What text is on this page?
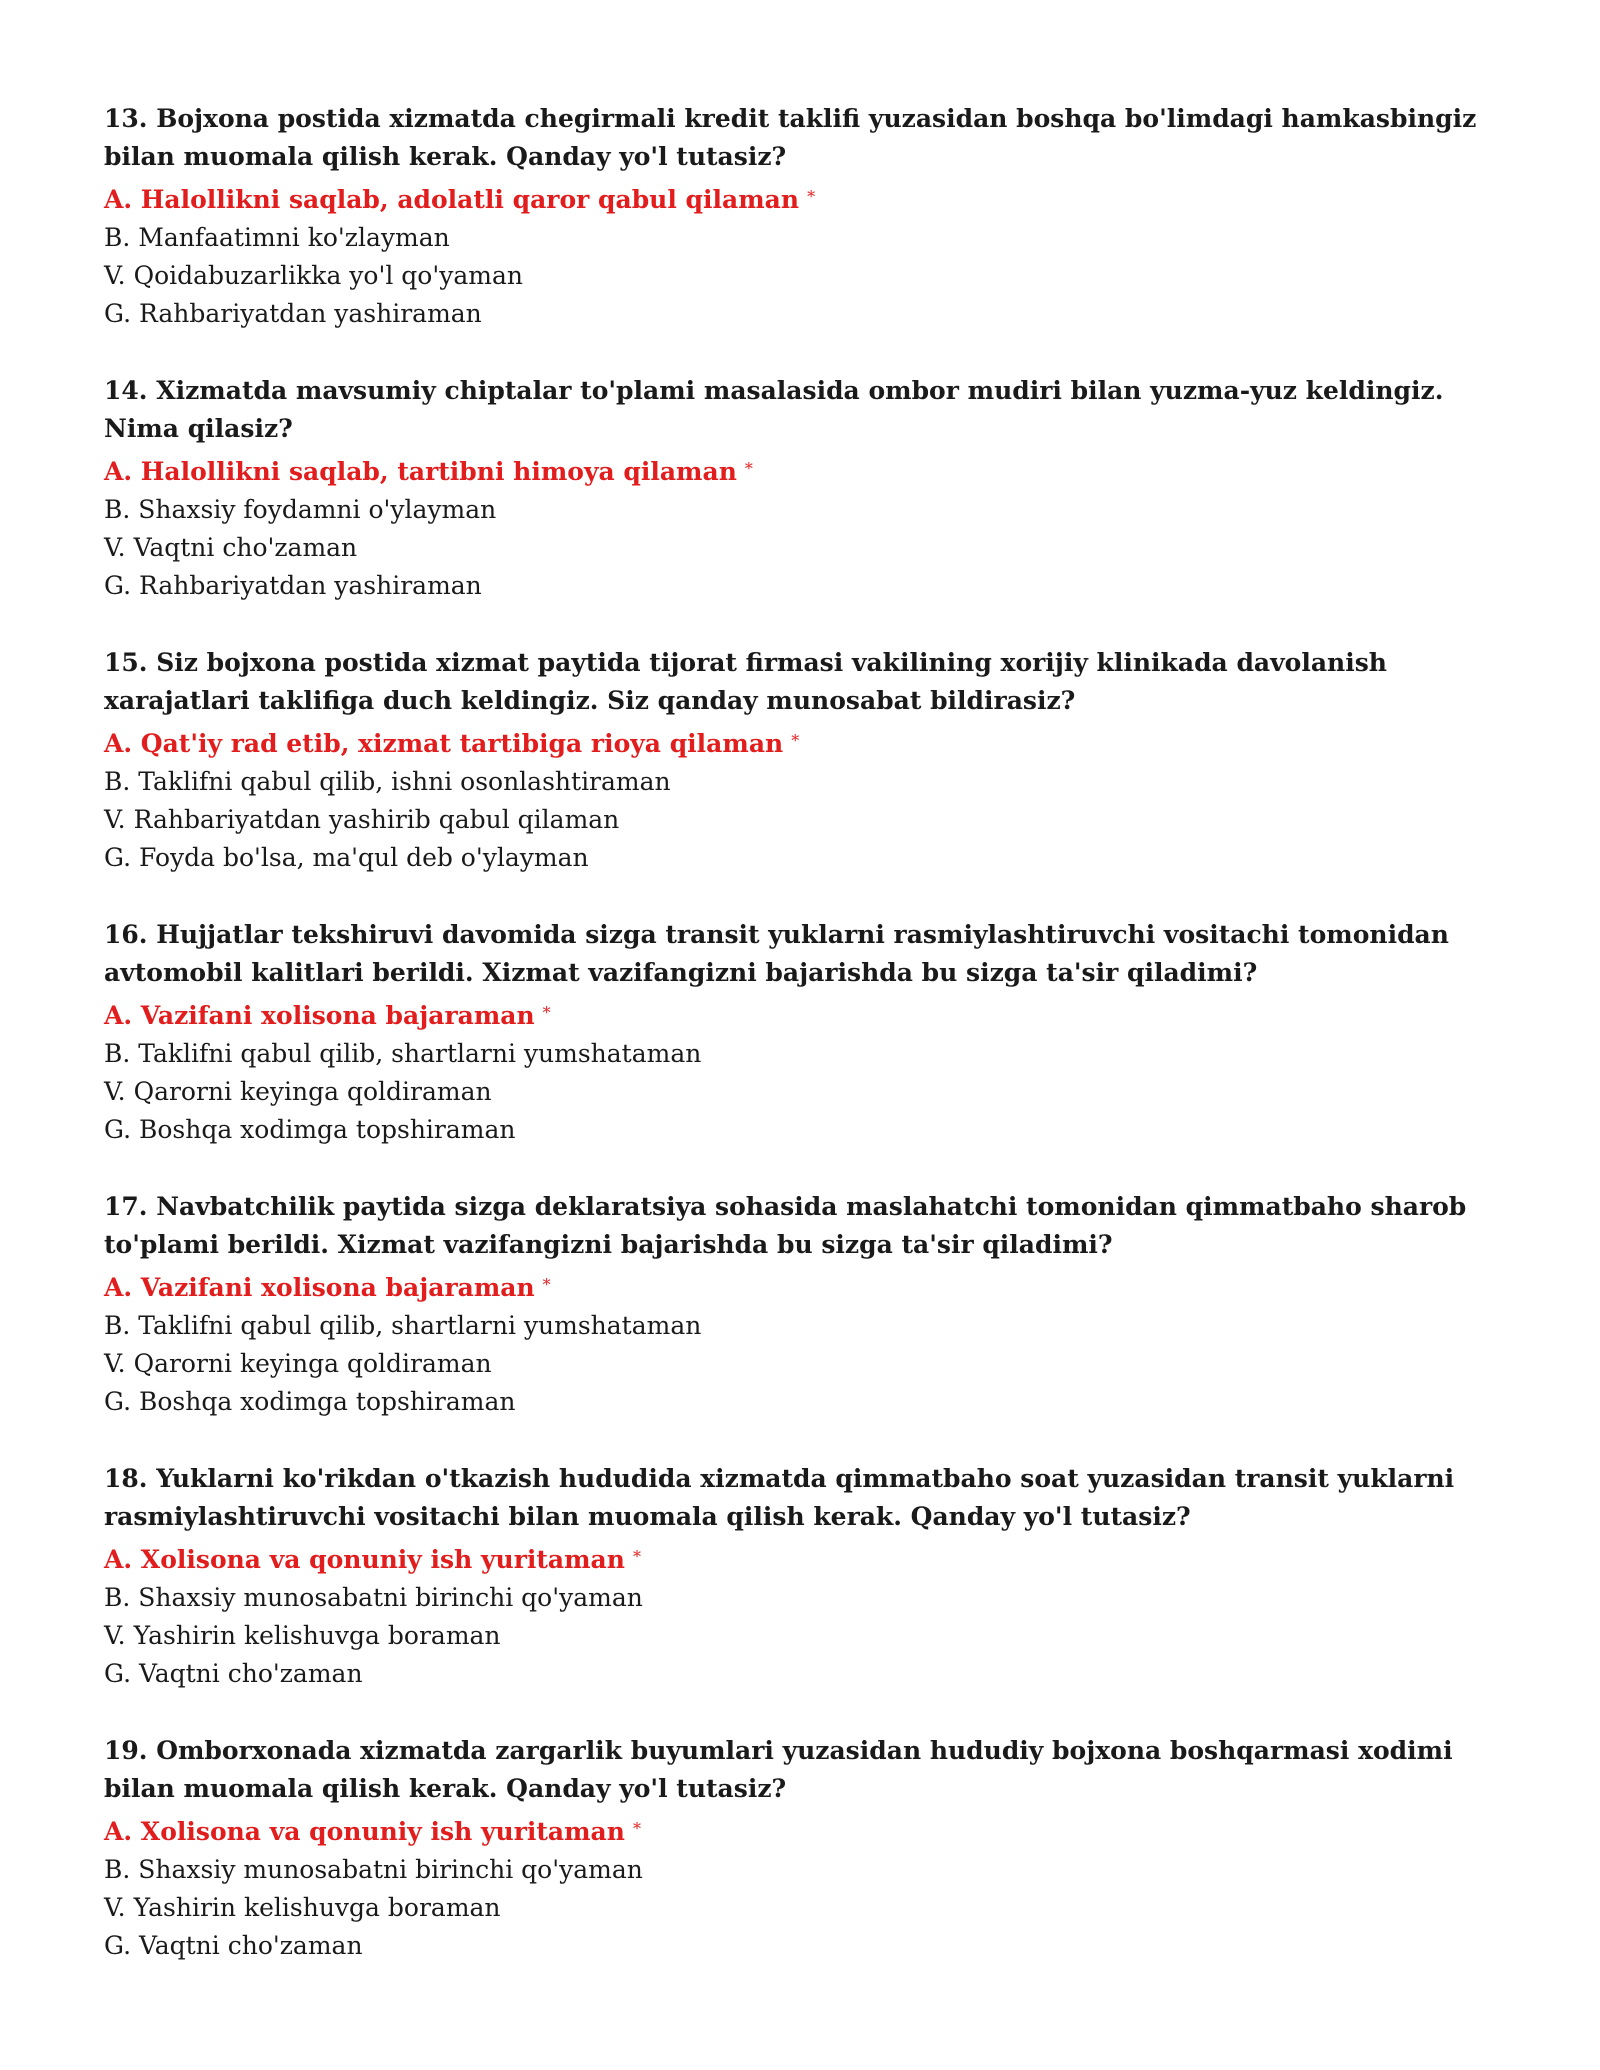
13. Bojxona postida xizmatda chegirmali kredit taklifi yuzasidan boshqa bo'limdagi hamkasbingiz bilan muomala qilish kerak. Qanday yo'l tutasiz?

A. Halollikni saqlab, adolatli qaror qabul qilaman *

B. Manfaatimni ko'zlayman

V. Qoidabuzarlikka yo'l qo'yaman

G. Rahbariyatdan yashiraman

14. Xizmatda mavsumiy chiptalar to'plami masalasida ombor mudiri bilan yuzma-yuz keldingiz. Nima qilasiz?

A. Halollikni saqlab, tartibni himoya qilaman *

B. Shaxsiy foydamni o'ylayman

V. Vaqtni cho'zaman

G. Rahbariyatdan yashiraman

15. Siz bojxona postida xizmat paytida tijorat firmasi vakilining xorijiy klinikada davolanish xarajatlari taklifiga duch keldingiz. Siz qanday munosabat bildirasiz?

A. Qat'iy rad etib, xizmat tartibiga rioya qilaman *

B. Taklifni qabul qilib, ishni osonlashtiraman

V. Rahbariyatdan yashirib qabul qilaman

G. Foyda bo'lsa, ma'qul deb o'ylayman

16. Hujjatlar tekshiruvi davomida sizga transit yuklarni rasmiylashtiruvchi vositachi tomonidan avtomobil kalitlari berildi. Xizmat vazifangizni bajarishda bu sizga ta'sir qiladimi?

A. Vazifani xolisona bajaraman *

B. Taklifni qabul qilib, shartlarni yumshataman

V. Qarorni keyinga qoldiraman

G. Boshqa xodimga topshiraman

17. Navbatchilik paytida sizga deklaratsiya sohasida maslahatchi tomonidan qimmatbaho sharob to'plami berildi. Xizmat vazifangizni bajarishda bu sizga ta'sir qiladimi?

A. Vazifani xolisona bajaraman *

B. Taklifni qabul qilib, shartlarni yumshataman

V. Qarorni keyinga qoldiraman

G. Boshqa xodimga topshiraman

18. Yuklarni ko'rikdan o'tkazish hududida xizmatda qimmatbaho soat yuzasidan transit yuklarni rasmiylashtiruvchi vositachi bilan muomala qilish kerak. Qanday yo'l tutasiz?

A. Xolisona va qonuniy ish yuritaman *

B. Shaxsiy munosabatni birinchi qo'yaman

V. Yashirin kelishuvga boraman

G. Vaqtni cho'zaman

19. Omborxonada xizmatda zargarlik buyumlari yuzasidan hududiy bojxona boshqarmasi xodimi bilan muomala qilish kerak. Qanday yo'l tutasiz?

A. Xolisona va qonuniy ish yuritaman *

B. Shaxsiy munosabatni birinchi qo'yaman

V. Yashirin kelishuvga boraman

G. Vaqtni cho'zaman
